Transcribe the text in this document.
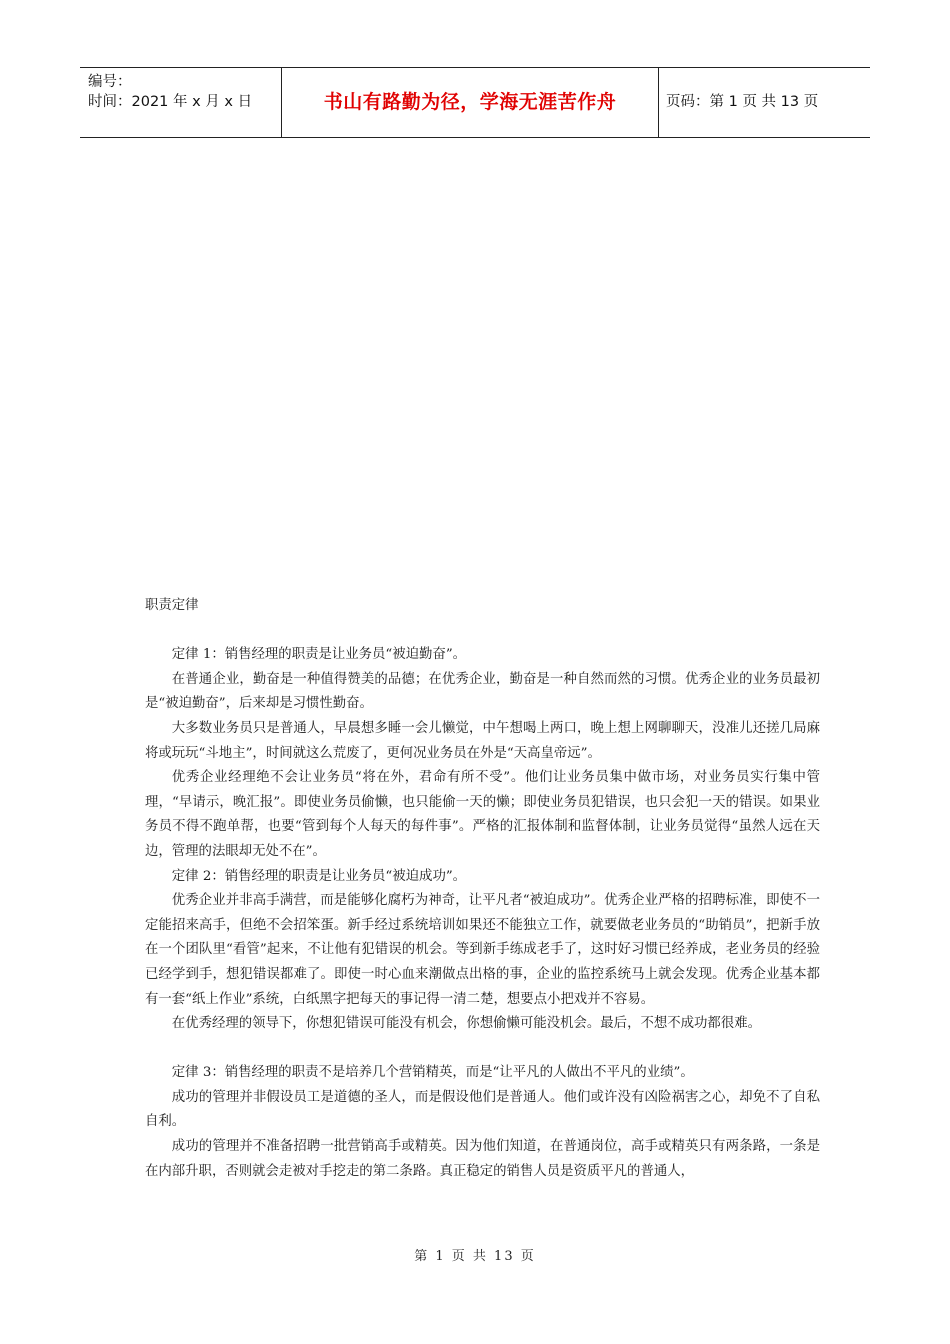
编号：
时间：2021 年 x 月 x 日	书山有路勤为径，学海无涯苦作舟	页码：第 1 页 共 13 页

职责定律

定律 1：销售经理的职责是让业务员“被迫勤奋”。

在普通企业，勤奋是一种值得赞美的品德；在优秀企业，勤奋是一种自然而然的习惯。优秀企业的业务员最初是“被迫勤奋”，后来却是习惯性勤奋。

大多数业务员只是普通人，早晨想多睡一会儿懒觉，中午想喝上两口，晚上想上网聊聊天，没准儿还搓几局麻将或玩玩“斗地主”，时间就这么荒废了，更何况业务员在外是“天高皇帝远”。

优秀企业经理绝不会让业务员“将在外，君命有所不受”。他们让业务员集中做市场，对业务员实行集中管理，“早请示，晚汇报”。即使业务员偷懒，也只能偷一天的懒；即使业务员犯错误，也只会犯一天的错误。如果业务员不得不跑单帮，也要“管到每个人每天的每件事”。严格的汇报体制和监督体制，让业务员觉得“虽然人远在天边，管理的法眼却无处不在”。

定律 2：销售经理的职责是让业务员“被迫成功”。

优秀企业并非高手满营，而是能够化腐朽为神奇，让平凡者“被迫成功”。优秀企业严格的招聘标准，即使不一定能招来高手，但绝不会招笨蛋。新手经过系统培训如果还不能独立工作，就要做老业务员的“助销员”，把新手放在一个团队里“看管”起来，不让他有犯错误的机会。等到新手练成老手了，这时好习惯已经养成，老业务员的经验已经学到手，想犯错误都难了。即使一时心血来潮做点出格的事，企业的监控系统马上就会发现。优秀企业基本都有一套“纸上作业”系统，白纸黑字把每天的事记得一清二楚，想要点小把戏并不容易。

在优秀经理的领导下，你想犯错误可能没有机会，你想偷懒可能没机会。最后，不想不成功都很难。

定律 3：销售经理的职责不是培养几个营销精英，而是“让平凡的人做出不平凡的业绩”。

成功的管理并非假设员工是道德的圣人，而是假设他们是普通人。他们或许没有凶险祸害之心，却免不了自私自利。

成功的管理并不准备招聘一批营销高手或精英。因为他们知道，在普通岗位，高手或精英只有两条路，一条是在内部升职，否则就会走被对手挖走的第二条路。真正稳定的销售人员是资质平凡的普通人，

第 1 页 共 13 页
